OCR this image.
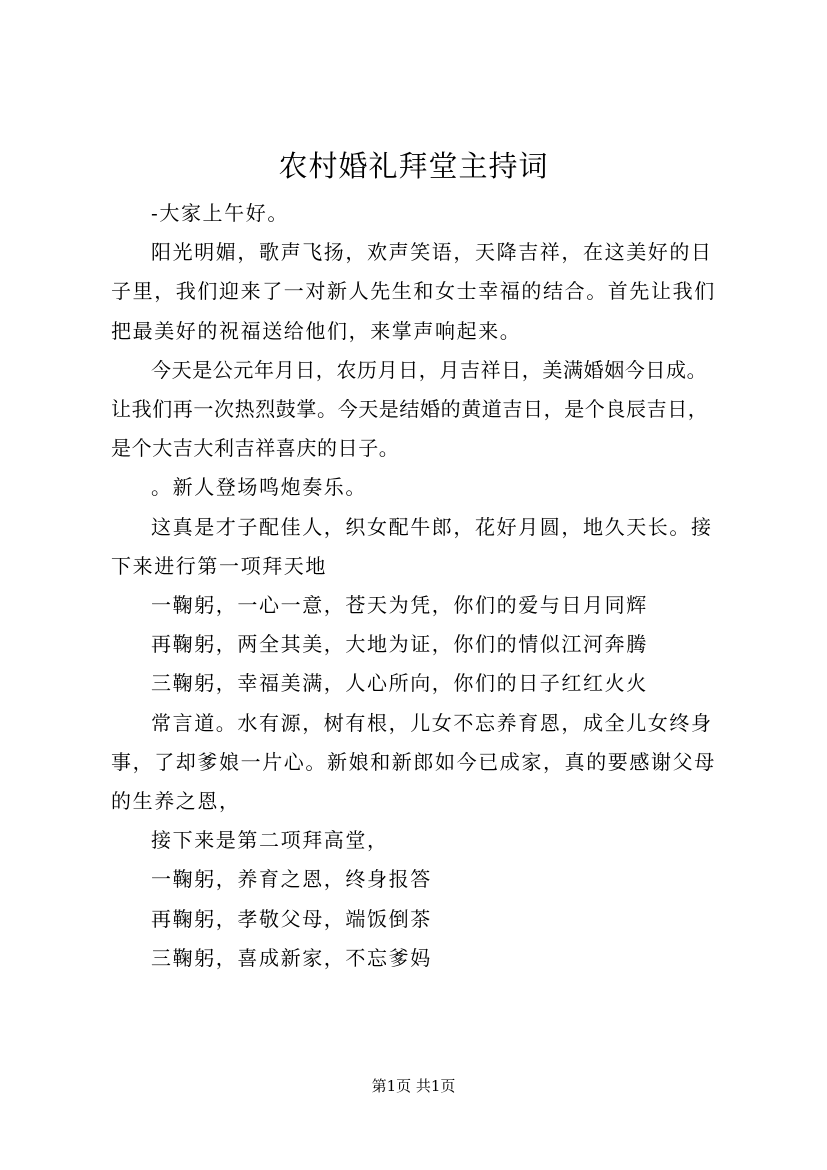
农村婚礼拜堂主持词

-大家上午好。

阳光明媚，歌声飞扬，欢声笑语，天降吉祥，在这美好的日子里，我们迎来了一对新人先生和女士幸福的结合。首先让我们把最美好的祝福送给他们，来掌声响起来。

今天是公元年月日，农历月日，月吉祥日，美满婚姻今日成。让我们再一次热烈鼓掌。今天是结婚的黄道吉日，是个良辰吉日，是个大吉大利吉祥喜庆的日子。

。新人登场鸣炮奏乐。

这真是才子配佳人，织女配牛郎，花好月圆，地久天长。接下来进行第一项拜天地

一鞠躬，一心一意，苍天为凭，你们的爱与日月同辉

再鞠躬，两全其美，大地为证，你们的情似江河奔腾

三鞠躬，幸福美满，人心所向，你们的日子红红火火

常言道。水有源，树有根，儿女不忘养育恩，成全儿女终身事，了却爹娘一片心。新娘和新郎如今已成家，真的要感谢父母的生养之恩，

接下来是第二项拜高堂，

一鞠躬，养育之恩，终身报答

再鞠躬，孝敬父母，端饭倒茶

三鞠躬，喜成新家，不忘爹妈

第1页 共1页
